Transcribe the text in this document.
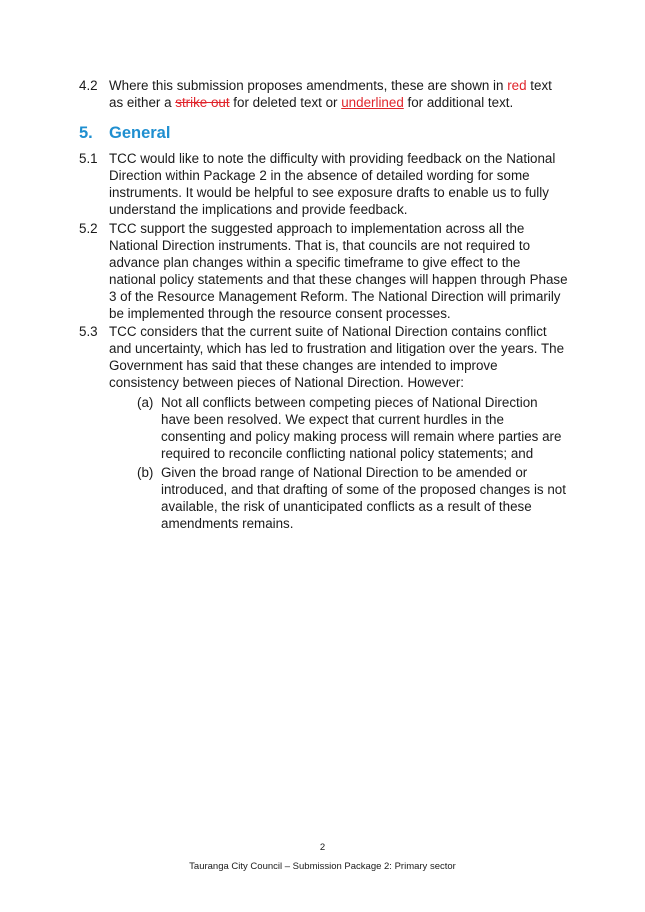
4.2 Where this submission proposes amendments, these are shown in red text as either a strike out for deleted text or underlined for additional text.
5. General
5.1 TCC would like to note the difficulty with providing feedback on the National Direction within Package 2 in the absence of detailed wording for some instruments. It would be helpful to see exposure drafts to enable us to fully understand the implications and provide feedback.
5.2 TCC support the suggested approach to implementation across all the National Direction instruments. That is, that councils are not required to advance plan changes within a specific timeframe to give effect to the national policy statements and that these changes will happen through Phase 3 of the Resource Management Reform. The National Direction will primarily be implemented through the resource consent processes.
5.3 TCC considers that the current suite of National Direction contains conflict and uncertainty, which has led to frustration and litigation over the years. The Government has said that these changes are intended to improve consistency between pieces of National Direction. However:
(a) Not all conflicts between competing pieces of National Direction have been resolved. We expect that current hurdles in the consenting and policy making process will remain where parties are required to reconcile conflicting national policy statements; and
(b) Given the broad range of National Direction to be amended or introduced, and that drafting of some of the proposed changes is not available, the risk of unanticipated conflicts as a result of these amendments remains.
2
Tauranga City Council – Submission Package 2: Primary sector
